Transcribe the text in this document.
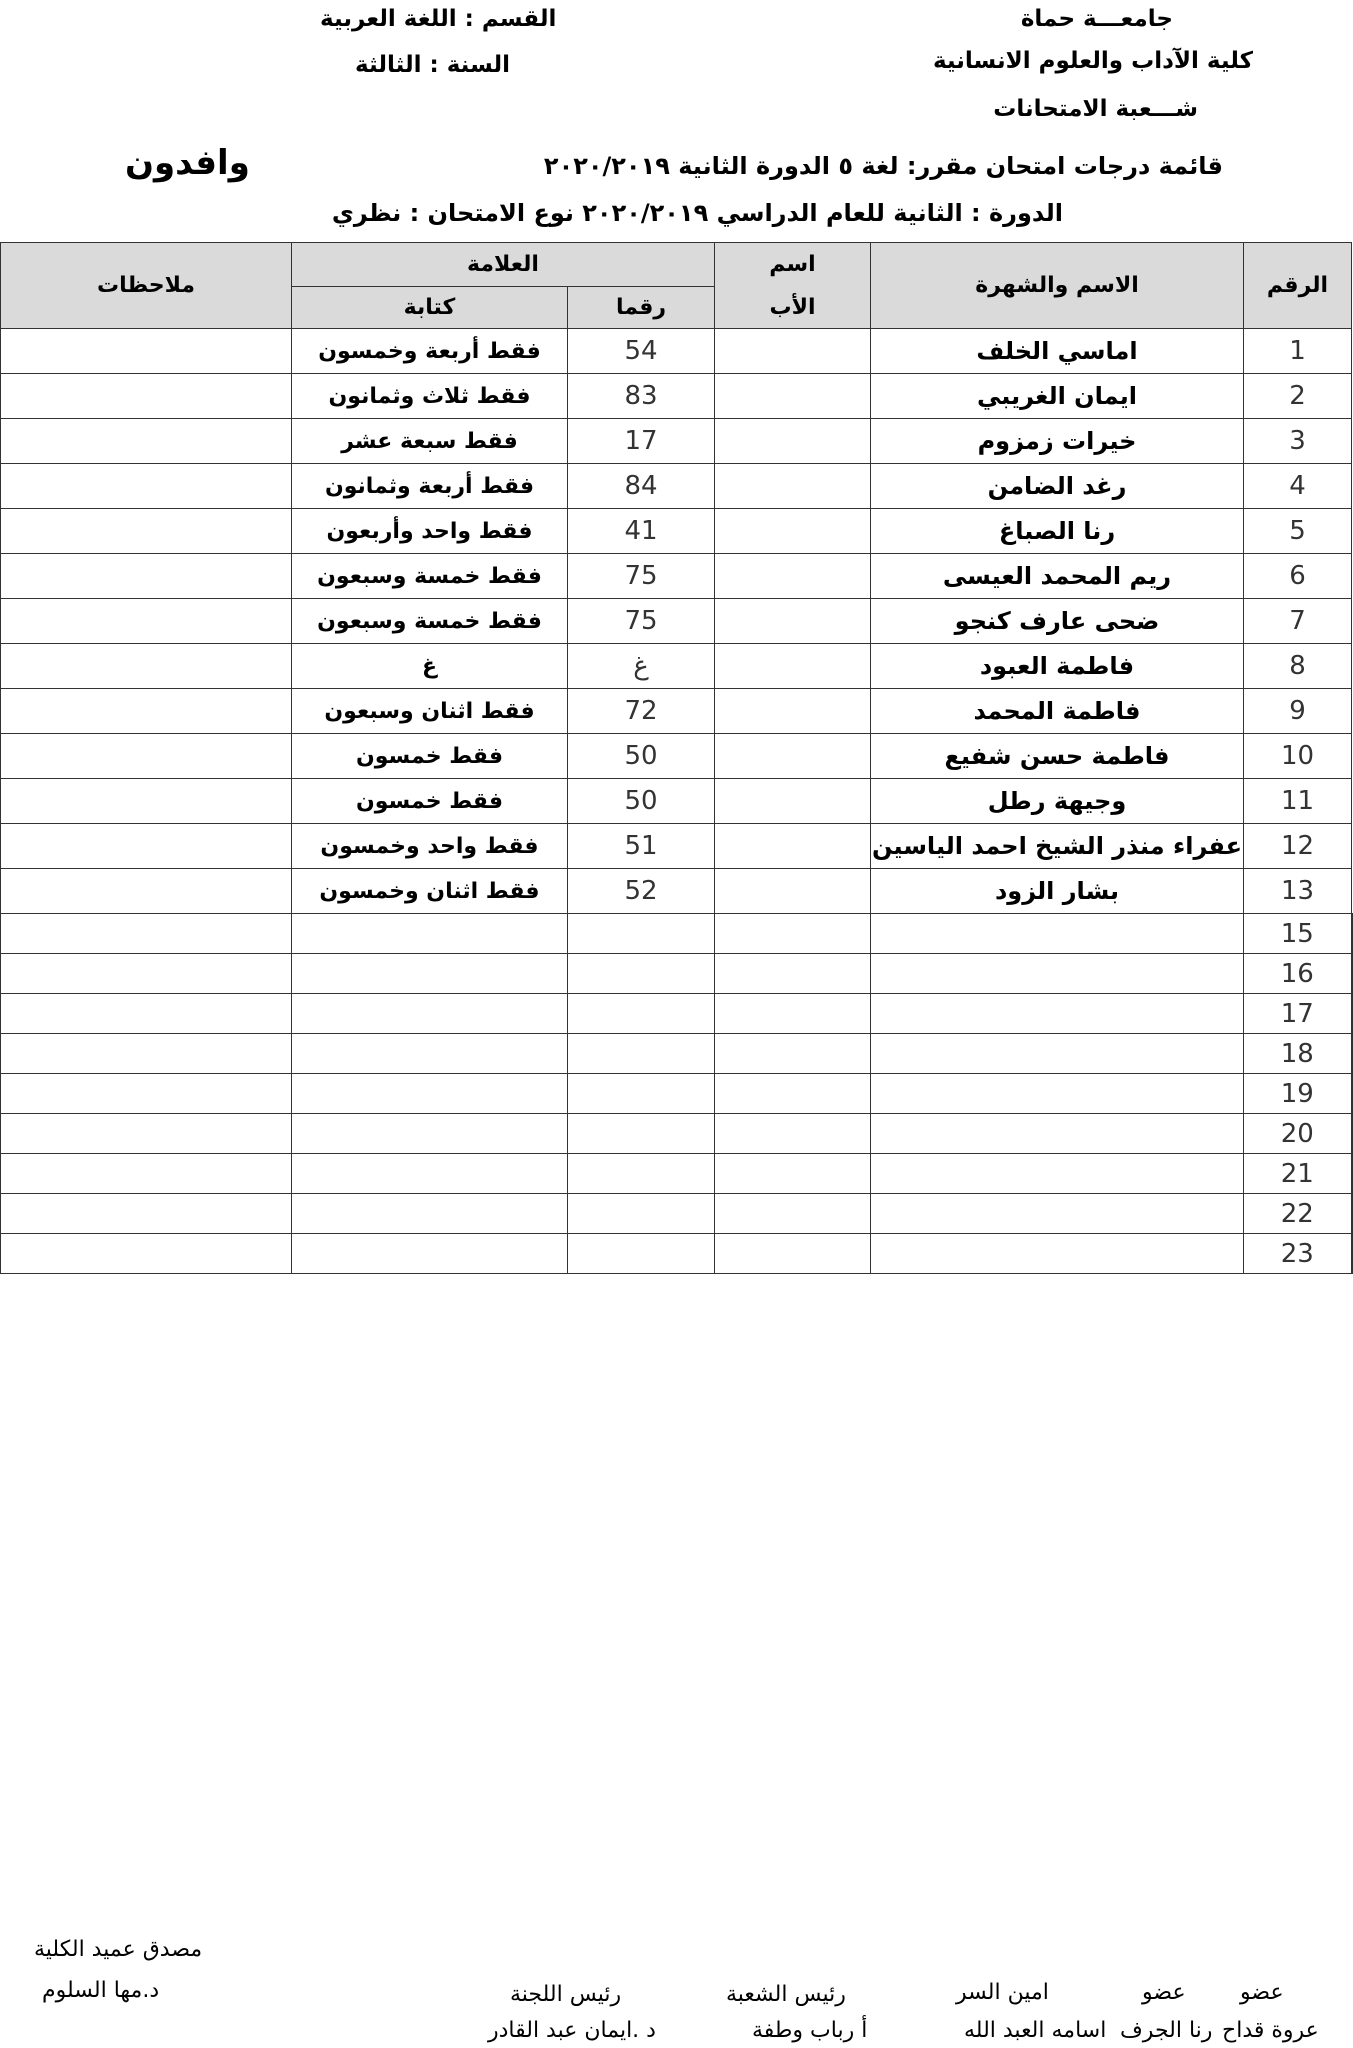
جامعـــة حماة
كلية الآداب والعلوم الانسانية
شـــعبة الامتحانات
القسم : اللغة العربية
السنة : الثالثة
قائمة درجات امتحان مقرر: لغة ٥ الدورة الثانية ٢٠٢٠/٢٠١٩
وافدون
الدورة : الثانية للعام الدراسي ٢٠٢٠/٢٠١٩ نوع الامتحان : نظري
الرقم	الاسم والشهرة	اسم	العلامة		ملاحظات
		الأب	رقما	كتابة	
1	اماسي الخلف		54	فقط أربعة وخمسون	
2	ايمان الغريبي		83	فقط ثلاث وثمانون	
3	خيرات زمزوم		17	فقط سبعة عشر	
4	رغد الضامن		84	فقط أربعة وثمانون	
5	رنا الصباغ		41	فقط واحد وأربعون	
6	ريم المحمد العيسى		75	فقط خمسة وسبعون	
7	ضحى عارف كنجو		75	فقط خمسة وسبعون	
8	فاطمة العبود		غ	غ	
9	فاطمة المحمد		72	فقط اثنان وسبعون	
10	فاطمة حسن شفيع		50	فقط خمسون	
11	وجيهة رطل		50	فقط خمسون	
12	عفراء منذر الشيخ احمد الياسين		51	فقط واحد وخمسون	
13	بشار الزود		52	فقط اثنان وخمسون	
15					
16					
17					
18					
19					
20					
21					
22					
23					
مصدق عميد الكلية
د.مها السلوم	رئيس اللجنة
د .ايمان عبد القادر
رئيس الشعبة
أ رباب وطفة
امين السر
اسامه العبد الله
عضو
رنا الجرف
عضو
عروة قداح
